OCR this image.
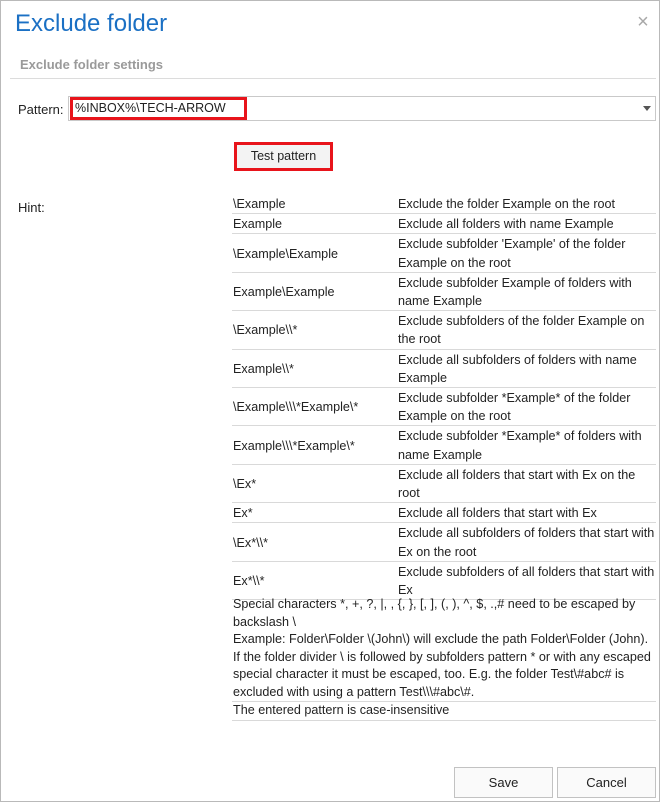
Exclude folder	×
Exclude folder settings
Pattern: %INBOX%\TECH-ARROW
Test pattern
Hint:	\Example	Exclude the folder Example on the root
Example	Exclude all folders with name Example
\Example\Example	Exclude subfolder 'Example' of the folder Example on the root
Example\Example	Exclude subfolder Example of folders with name Example
\Example\\*	Exclude subfolders of the folder Example on the root
Example\\*	Exclude all subfolders of folders with name Example
\Example\\\*Example\*	Exclude subfolder *Example* of the folder Example on the root
Example\\\*Example\*	Exclude subfolder *Example* of folders with name Example
\Ex*	Exclude all folders that start with Ex on the root
Ex*	Exclude all folders that start with Ex
\Ex*\\*	Exclude all subfolders of folders that start with Ex on the root
Ex*\\*	Exclude subfolders of all folders that start with Ex

Special characters *, +, ?, |, , {, }, [, ], (, ), ^, $, .,# need to be escaped by backslash \

Example: Folder\Folder \(John\) will exclude the path Folder\Folder (John). If the folder divider \ is followed by subfolders pattern * or with any escaped special character it must be escaped, too. E.g. the folder Test\#abc# is excluded with using a pattern Test\\\#abc\#.

The entered pattern is case-insensitive
Save	Cancel
